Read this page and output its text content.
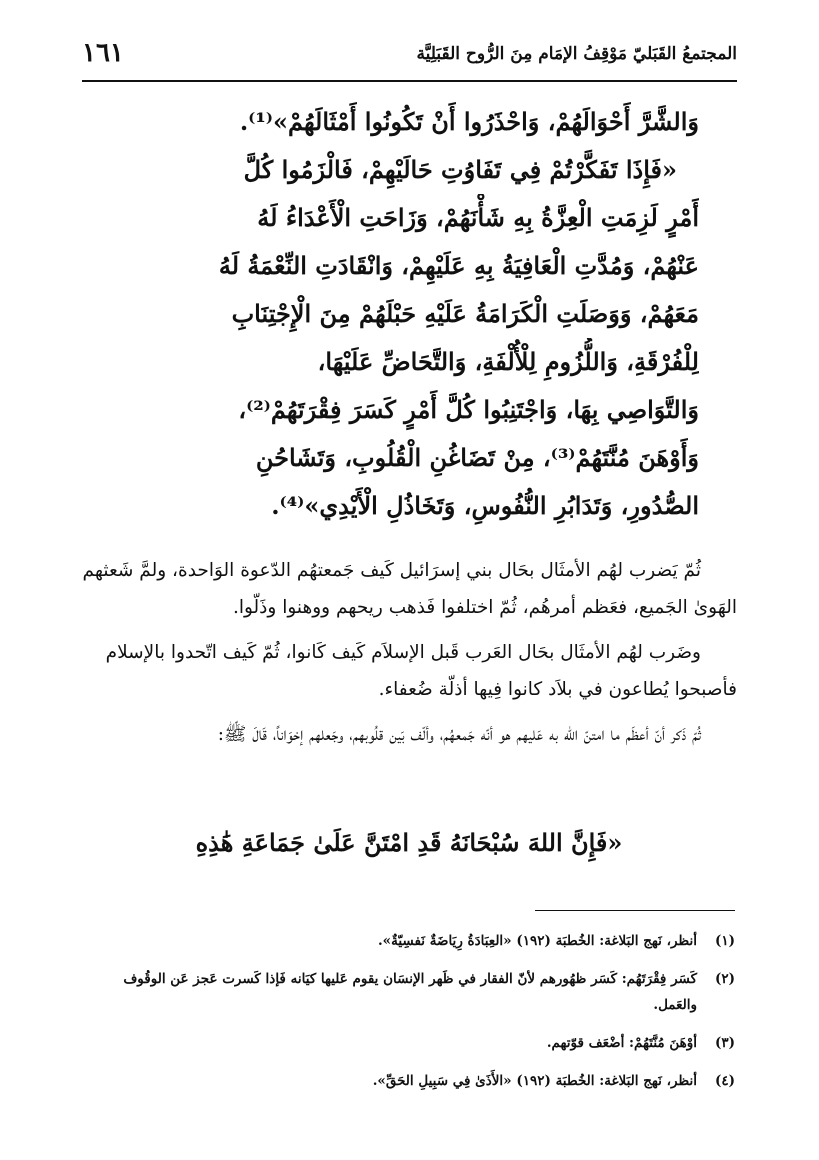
المجتمعُ القَبَليّ مَوْقِفُ الإمَام مِنَ الرُّوح القَبَلِيَّة
١٦١
وَالشَّرَّ أَحْوَالَهُمْ، وَاحْذَرُوا أَنْ تَكُونُوا أَمْثَالَهُمْ»⁽¹⁾.
«فَإِذَا تَفَكَّرْتُمْ فِي تَفَاوُتِ حَالَيْهِمْ، فَالْزَمُوا كُلَّ
أَمْرٍ لَزِمَتِ الْعِزَّةُ بِهِ شَأْنَهُمْ، وَزَاحَتِ الْأَعْدَاءُ لَهُ
عَنْهُمْ، وَمُدَّتِ الْعَافِيَةُ بِهِ عَلَيْهِمْ، وَانْقَادَتِ النِّعْمَةُ لَهُ
مَعَهُمْ، وَوَصَلَتِ الْكَرَامَةُ عَلَيْهِ حَبْلَهُمْ مِنَ الْإِجْتِنَابِ
لِلْفُرْقَةِ، وَاللُّزُومِ لِلْأُلْفَةِ، وَالتَّحَاضِّ عَلَيْهَا،
وَالتَّوَاصِي بِهَا، وَاجْتَنِبُوا كُلَّ أَمْرٍ كَسَرَ فِقْرَتَهُمْ⁽²⁾،
وَأَوْهَنَ مُنَّتَهُمْ⁽³⁾، مِنْ تَضَاغُنِ الْقُلُوبِ، وَتَشَاحُنِ
الصُّدُورِ، وَتَدَابُرِ النُّفُوسِ، وَتَخَاذُلِ الْأَيْدِي»⁽⁴⁾.

ثُمّ يَضرب لهُم الأمثَال بحَال بني إسرَائيل كَيف جَمعتهُم الدّعوة الوَاحدة، ولمَّ شَعثهم الهَوىٰ الجَميع، فعَظم أمرهُم، ثُمّ اختلفوا فَذهب ريحهم ووهنوا وذَلّوا.

وضَرب لهُم الأمثَال بحَال العَرب قَبل الإسلاَم كَيف كَانوا، ثُمّ كَيف اتّحدوا بالإسلام فأصبحوا يُطاعون في بلاَد كانوا فِيها أذلّة ضُعفاء.

ثُمّ ذَكر أنّ أعظَم ما امتنّ الله به عَليهم هو أنّه جَمعهُم، وألّف بَين قلُوبهم، وجَعلهم إخوَاناً، قَالَ ﷺ:

«فَإِنَّ اللهَ سُبْحَانَهُ قَدِ امْتَنَّ عَلَىٰ جَمَاعَةِ هَٰذِهِ
(١)
أنظر، نَهج البَلاغة: الخُطبَة (١٩٢) «العِبَادَةُ رِيَاضَةٌ نَفسِيّةٌ».
(٢)
كَسَر فِقْرَتَهُم: كَسَر ظهُورهم لأنّ الفقار في ظَهر الإنسَان يقوم عَليها كيَانه فَإذا كَسرت عَجز عَن الوقُوف والعَمل.
(٣)
أوْهَنَ مُنَّتَهُمْ: أضْعَف قوّتهم.
(٤)
أنظر، نَهج البَلاغة: الخُطبَة (١٩٢) «الأَذَىٰ فِي سَبِيلِ الحَقِّ».
